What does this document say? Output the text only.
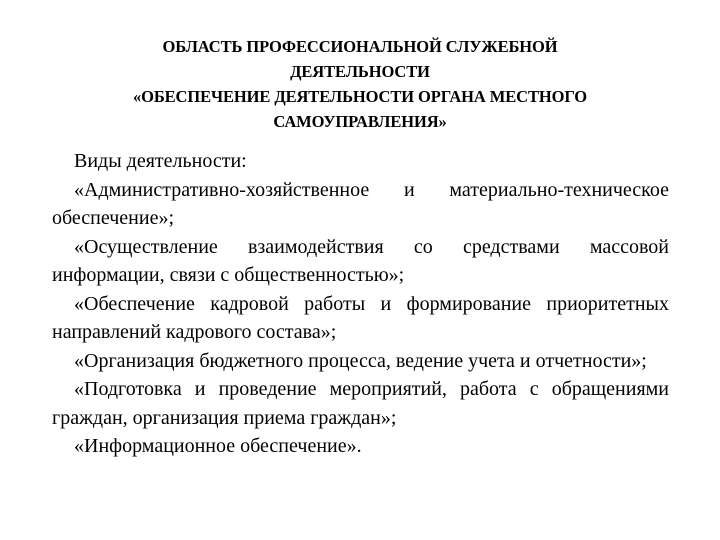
ОБЛАСТЬ ПРОФЕССИОНАЛЬНОЙ СЛУЖЕБНОЙ
ДЕЯТЕЛЬНОСТИ
«ОБЕСПЕЧЕНИЕ ДЕЯТЕЛЬНОСТИ ОРГАНА МЕСТНОГО
САМОУПРАВЛЕНИЯ»

Виды деятельности:

«Административно-хозяйственное и материально-техническое обеспечение»;

«Осуществление взаимодействия со средствами массовой информации, связи с общественностью»;

«Обеспечение кадровой работы и формирование приоритетных направлений кадрового состава»;

«Организация бюджетного процесса, ведение учета и отчетности»;

«Подготовка и проведение мероприятий, работа с обращениями граждан, организация приема граждан»;

«Информационное обеспечение».
